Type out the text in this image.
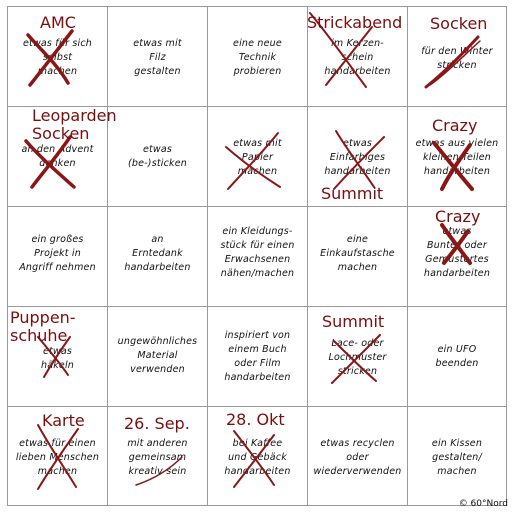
etwas für sich
selbst
machen
AMC
etwas mit
Filz
gestalten
eine neue
Technik
probieren
im Kerzen-
schein
handarbeiten
Strickabend
für den Winter
stricken
Socken
an den Advent
denken
Leoparden
Socken
etwas
(be-)sticken
etwas mit
Papier
machen
etwas
Einfarbiges
handarbeiten
Summit
etwas aus vielen
kleinen Teilen
handarbeiten
Crazy
ein großes
Projekt in
Angriff nehmen
an
Erntedank
handarbeiten
ein Kleidungs-
stück für einen
Erwachsenen
nähen/machen
eine
Einkaufstasche
machen
etwas
Buntes oder
Gemustertes
handarbeiten
Crazy
etwas
häkeln
Puppen-
schuhe	ungewöhnliches
Material
verwenden
inspiriert von
einem Buch
oder Film
handarbeiten
Lace- oder
Lochmuster
stricken
Summit
ein UFO
beenden
etwas für einen
lieben Menschen
machen
Karte
mit anderen
gemeinsam
kreativ sein
26. Sep.
bei Kaffee
und Gebäck
handarbeiten
28. Okt
etwas recyclen
oder
wiederverwenden
ein Kissen
gestalten/
machen
© 60°Nord
